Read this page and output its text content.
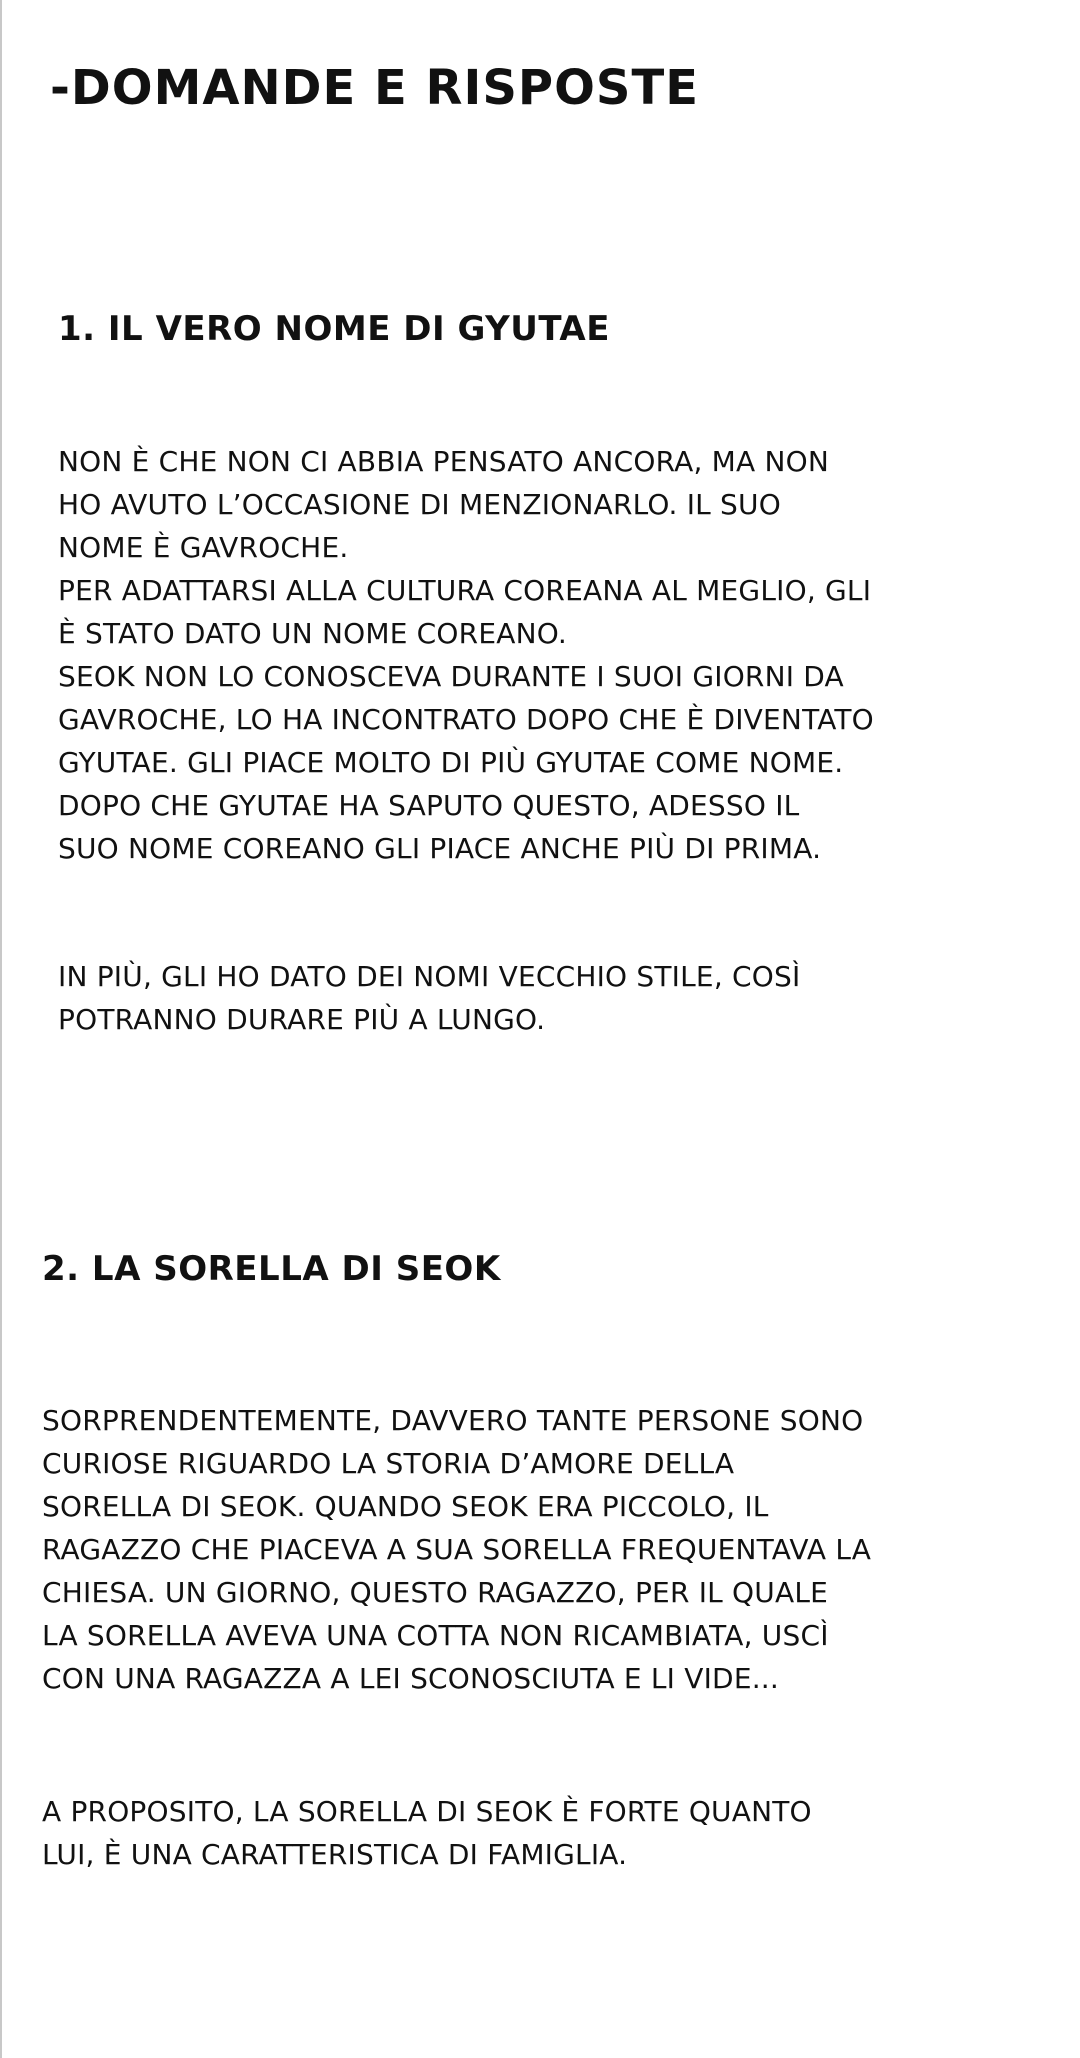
-DOMANDE E RISPOSTE
1. IL VERO NOME DI GYUTAE
NON È CHE NON CI ABBIA PENSATO ANCORA, MA NON
HO AVUTO L’OCCASIONE DI MENZIONARLO. IL SUO
NOME È GAVROCHE.
PER ADATTARSI ALLA CULTURA COREANA AL MEGLIO, GLI
È STATO DATO UN NOME COREANO.
SEOK NON LO CONOSCEVA DURANTE I SUOI GIORNI DA
GAVROCHE, LO HA INCONTRATO DOPO CHE È DIVENTATO
GYUTAE. GLI PIACE MOLTO DI PIÙ GYUTAE COME NOME.
DOPO CHE GYUTAE HA SAPUTO QUESTO, ADESSO IL
SUO NOME COREANO GLI PIACE ANCHE PIÙ DI PRIMA.
IN PIÙ, GLI HO DATO DEI NOMI VECCHIO STILE, COSÌ
POTRANNO DURARE PIÙ A LUNGO.
2. LA SORELLA DI SEOK
SORPRENDENTEMENTE, DAVVERO TANTE PERSONE SONO
CURIOSE RIGUARDO LA STORIA D’AMORE DELLA
SORELLA DI SEOK. QUANDO SEOK ERA PICCOLO, IL
RAGAZZO CHE PIACEVA A SUA SORELLA FREQUENTAVA LA
CHIESA. UN GIORNO, QUESTO RAGAZZO, PER IL QUALE
LA SORELLA AVEVA UNA COTTA NON RICAMBIATA, USCÌ
CON UNA RAGAZZA A LEI SCONOSCIUTA E LI VIDE...
A PROPOSITO, LA SORELLA DI SEOK È FORTE QUANTO
LUI, È UNA CARATTERISTICA DI FAMIGLIA.
